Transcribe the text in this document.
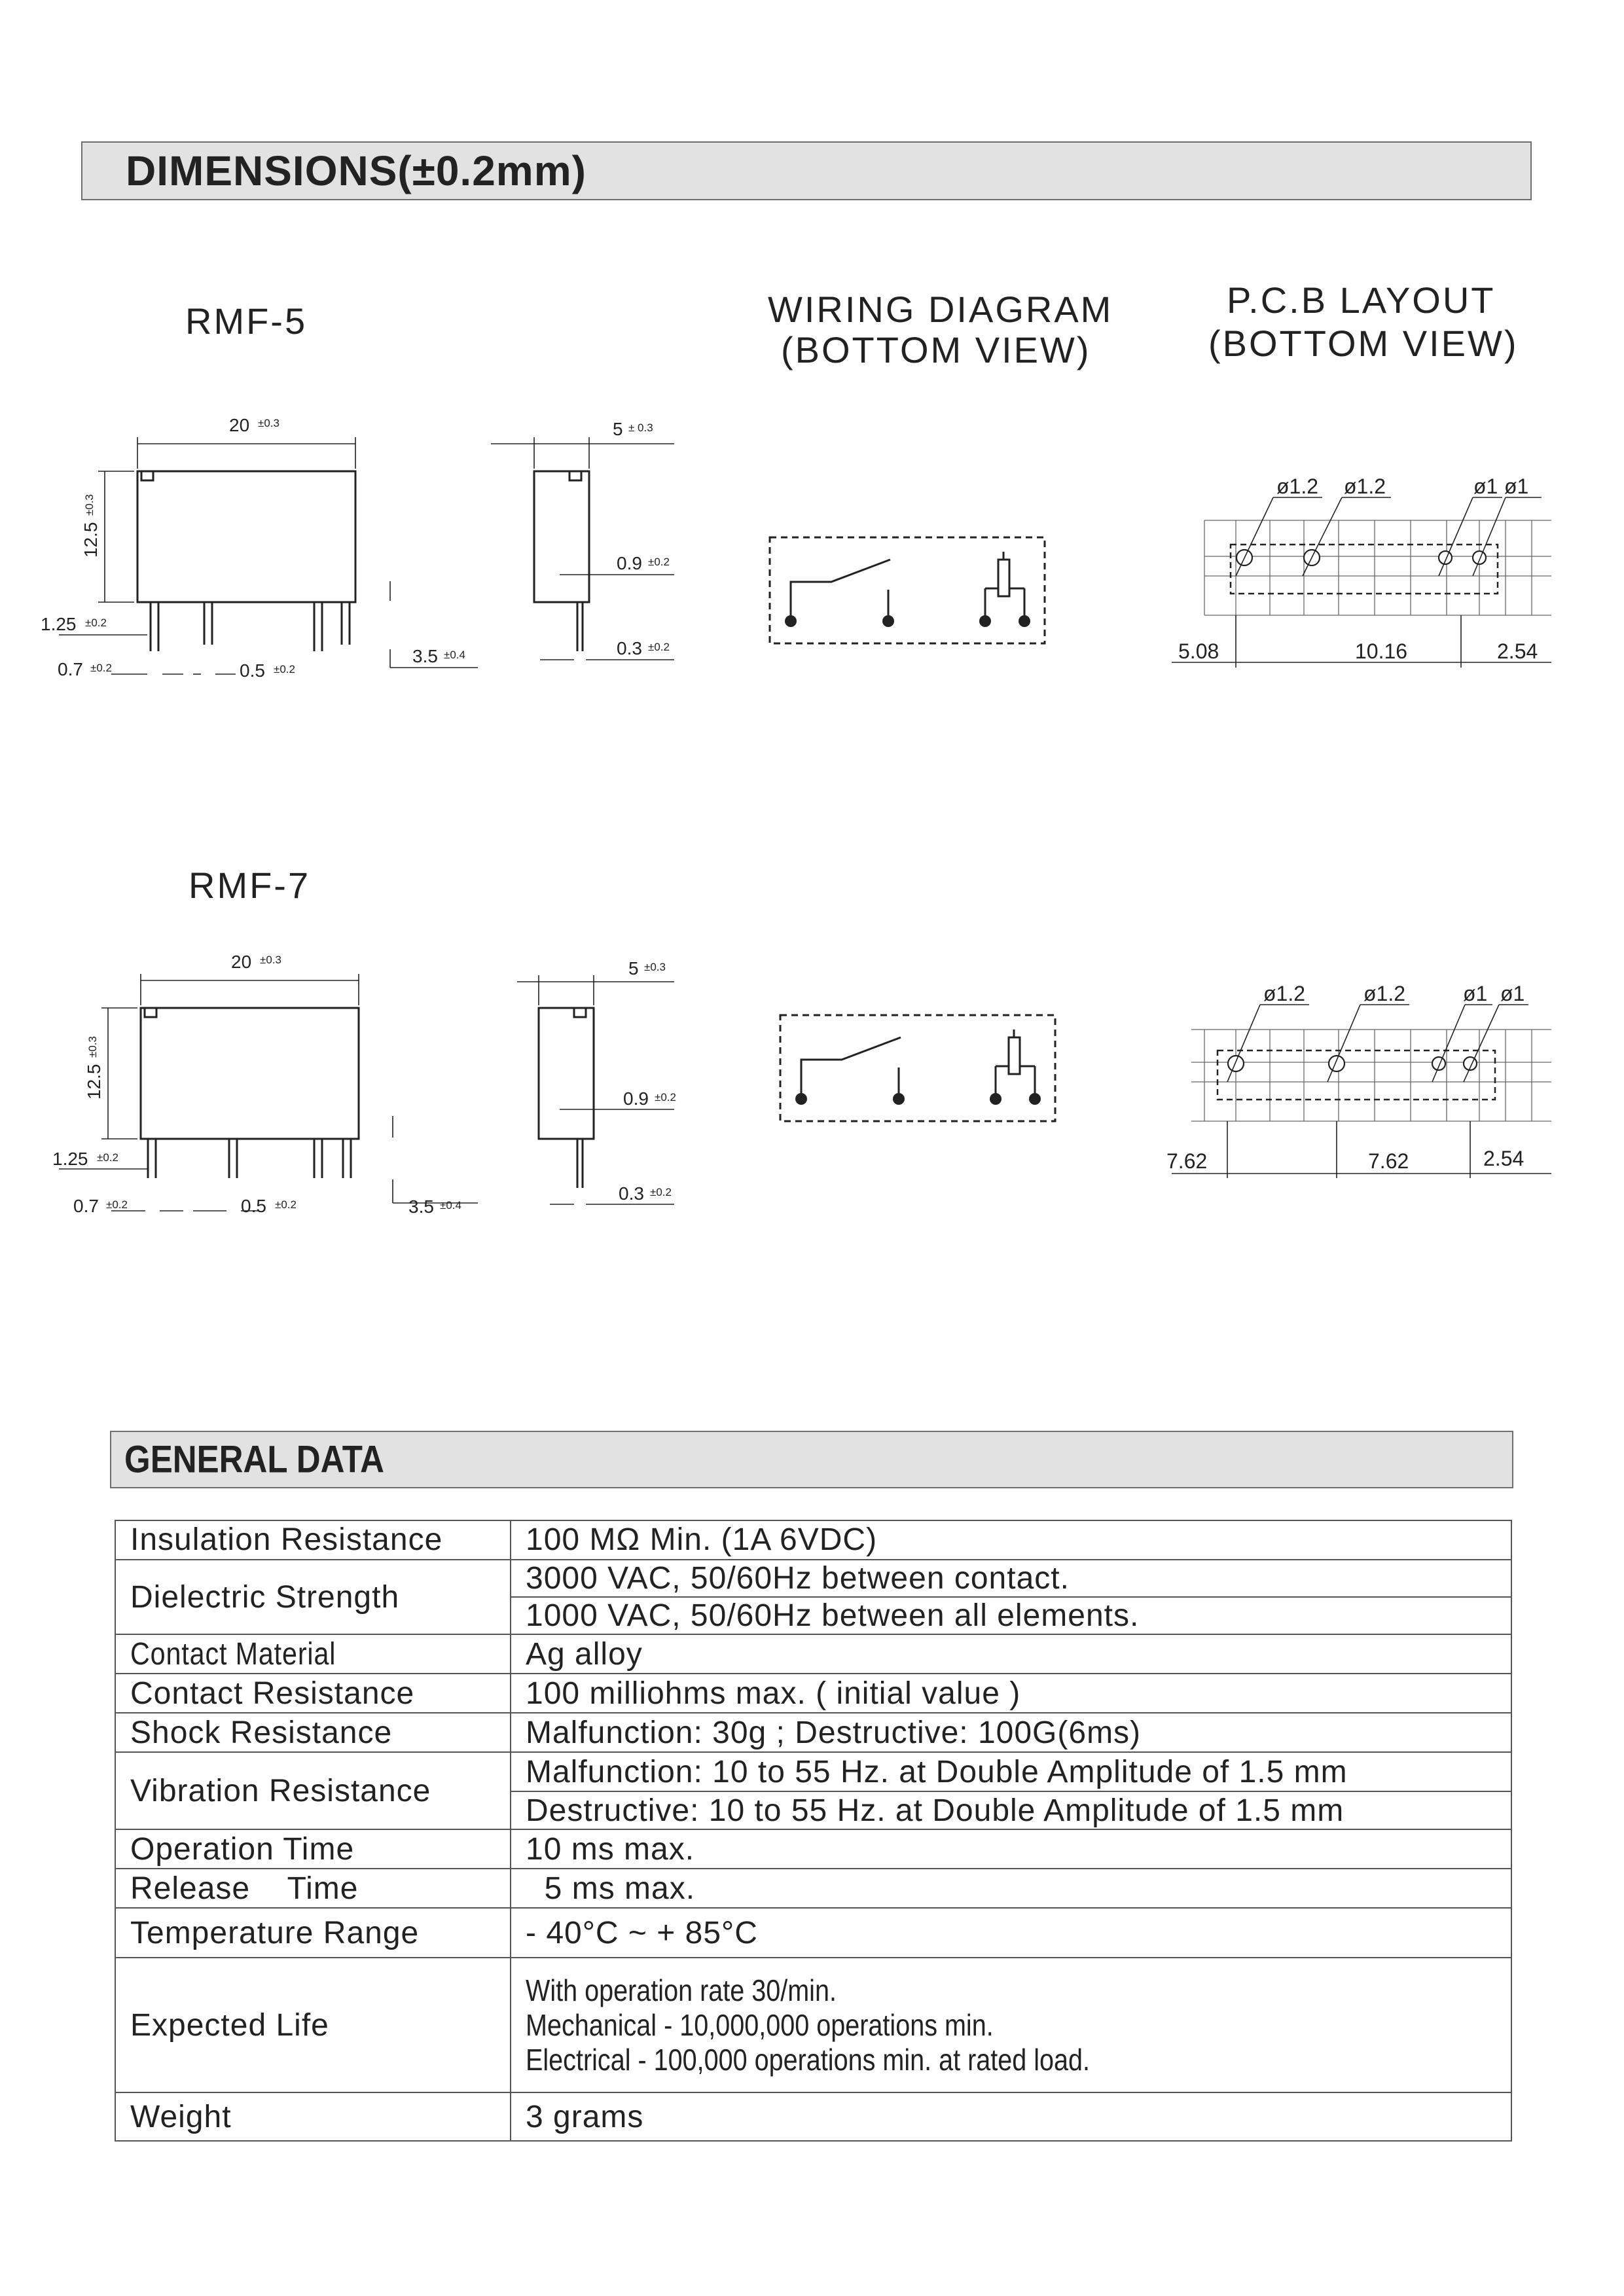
DIMENSIONS(±0.2mm)
RMF-5	WIRING DIAGRAM
(BOTTOM VIEW)
P.C.B LAYOUT
(BOTTOM VIEW)
RMF-7
20 ±0.3
12.5
±0.3
1.25 ±0.2
0.7 ±0.2	0.5 ±0.2
3.5 ±0.4
5 ± 0.3
0.9 ±0.2
0.3 ±0.2
ø1.2 ø1.2	ø1 ø1
5.08	10.16	2.54
20 ±0.3
12.5
±0.3
1.25 ±0.2
0.7 ±0.2	0.5 ±0.2	3.5 ±0.4
5 ±0.3
0.9 ±0.2
0.3 ±0.2
ø1.2	ø1.2	ø1 ø1
7.62	7.62	2.54
GENERAL DATA
Insulation Resistance	100 MΩ Min. (1A 6VDC)
Dielectric Strength	3000 VAC, 50/60Hz between contact.
	1000 VAC, 50/60Hz between all elements.
Contact Material	Ag alloy
Contact Resistance	100 milliohms max. ( initial value )
Shock Resistance	Malfunction: 30g ; Destructive: 100G(6ms)
Vibration Resistance	Malfunction: 10 to 55 Hz. at Double Amplitude of 1.5 mm
	Destructive: 10 to 55 Hz. at Double Amplitude of 1.5 mm
Operation Time	10 ms max.
Release    Time	5 ms max.
Temperature Range	- 40°C ~ + 85°C
Expected Life	With operation rate 30/min.
Mechanical - 10,000,000 operations min.
Electrical - 100,000 operations min. at rated load.
Weight	3 grams
